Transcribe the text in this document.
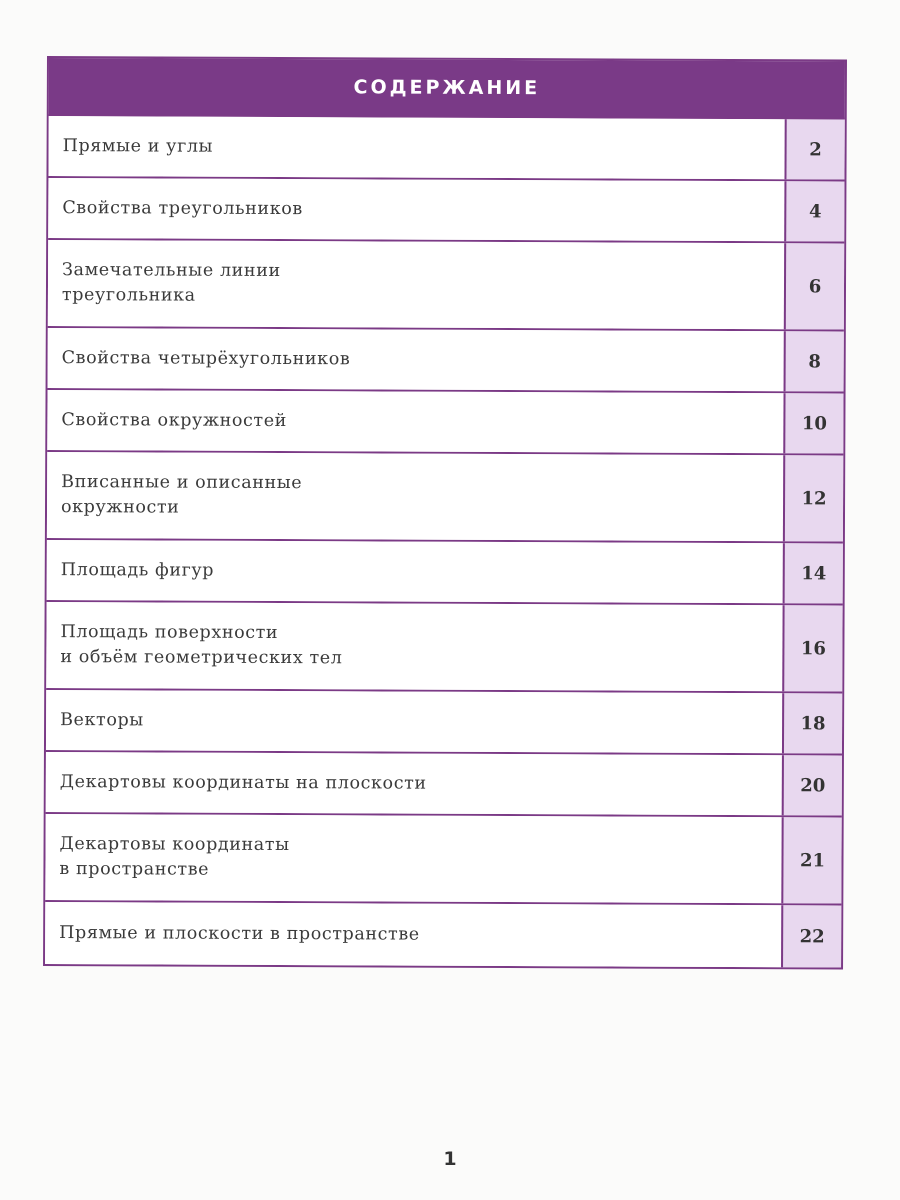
СОДЕРЖАНИЕ
Прямые и углы	2
Свойства треугольников	4
Замечательные линии
треугольника	6
Свойства четырёхугольников	8
Свойства окружностей	10
Вписанные и описанные
окружности	12
Площадь фигур	14
Площадь поверхности
и объём геометрических тел	16
Векторы	18
Декартовы координаты на плоскости	20
Декартовы координаты
в пространстве	21
Прямые и плоскости в пространстве	22
1
